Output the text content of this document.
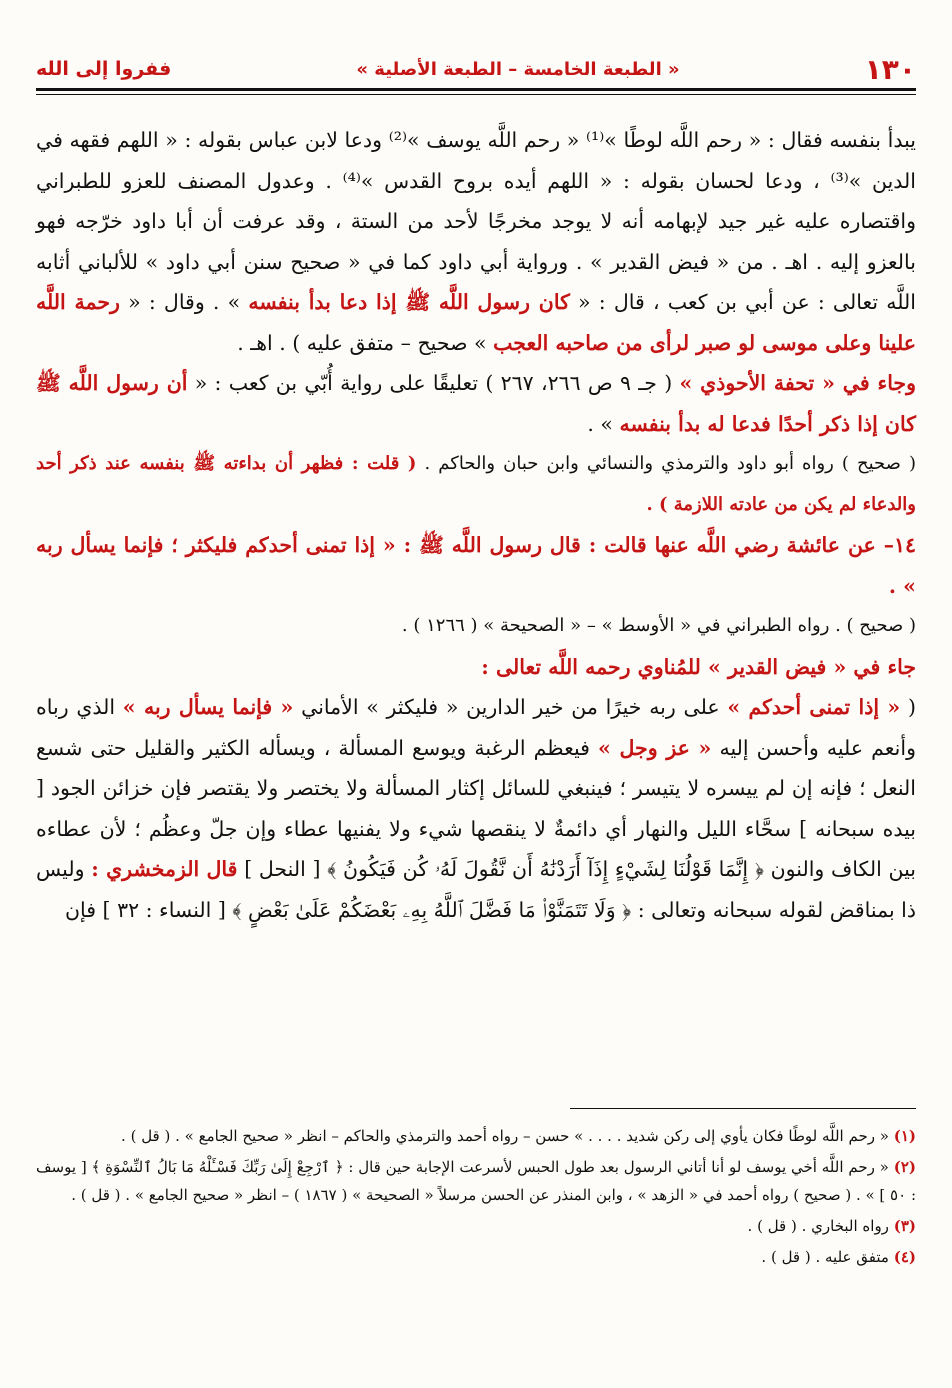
١٣٠
« الطبعة الخامسة – الطبعة الأصلية »
ففروا إلى الله

يبدأ بنفسه فقال : « رحم اللَّه لوطًا »⁽¹⁾ « رحم اللَّه يوسف »⁽²⁾ ودعا لابن عباس بقوله : « اللهم فقهه في الدين »⁽³⁾ ، ودعا لحسان بقوله : « اللهم أيده بروح القدس »⁽⁴⁾ . وعدول المصنف للعزو للطبراني واقتصاره عليه غير جيد لإبهامه أنه لا يوجد مخرجًا لأحد من الستة ، وقد عرفت أن أبا داود خرّجه فهو بالعزو إليه . اهـ . من « فيض القدير » . ورواية أبي داود كما في « صحيح سنن أبي داود » للألباني أثابه اللَّه تعالى : عن أبي بن كعب ، قال : « كان رسول اللَّه ﷺ إذا دعا بدأ بنفسه » . وقال : « رحمة اللَّه علينا وعلى موسى لو صبر لرأى من صاحبه العجب » صحيح – متفق عليه ) . اهـ .

وجاء في « تحفة الأحوذي » ( جـ ٩ ص ٢٦٦، ٢٦٧ ) تعليقًا على رواية أُبّي بن كعب : « أن رسول اللَّه ﷺ كان إذا ذكر أحدًا فدعا له بدأ بنفسه » .

( صحيح ) رواه أبو داود والترمذي والنسائي وابن حبان والحاكم . ( قلت : فظهر أن بداءته ﷺ بنفسه عند ذكر أحد والدعاء لم يكن من عادته اللازمة ) .

١٤– عن عائشة رضي اللَّه عنها قالت : قال رسول اللَّه ﷺ : « إذا تمنى أحدكم فليكثر ؛ فإنما يسأل ربه » .

( صحيح ) . رواه الطبراني في « الأوسط » – « الصحيحة » ( ١٢٦٦ ) .

جاء في « فيض القدير » للمُناوي رحمه اللَّه تعالى :

( « إذا تمنى أحدكم » على ربه خيرًا من خير الدارين « فليكثر » الأماني « فإنما يسأل ربه » الذي رباه وأنعم عليه وأحسن إليه « عز وجل » فيعظم الرغبة ويوسع المسألة ، ويسأله الكثير والقليل حتى شسع النعل ؛ فإنه إن لم ييسره لا يتيسر ؛ فينبغي للسائل إكثار المسألة ولا يختصر ولا يقتصر فإن خزائن الجود [ بيده سبحانه ] سحَّاء الليل والنهار أي دائمةٌ لا ينقصها شيء ولا يفنيها عطاء وإن جلّ وعظُم ؛ لأن عطاءه بين الكاف والنون ﴿ إِنَّمَا قَوْلُنَا لِشَيْءٍ إِذَآ أَرَدْنَٰهُ أَن نَّقُولَ لَهُۥ كُن فَيَكُونُ ﴾ [ النحل ] قال الزمخشري : وليس ذا بمناقض لقوله سبحانه وتعالى : ﴿ وَلَا تَتَمَنَّوْا۟ مَا فَضَّلَ ٱللَّهُ بِهِۦ بَعْضَكُمْ عَلَىٰ بَعْضٍ ﴾ [ النساء : ٣٢ ] فإن

(١) « رحم اللَّه لوطًا فكان يأوي إلى ركن شديد . . . . » حسن – رواه أحمد والترمذي والحاكم – انظر « صحيح الجامع » . ( قل ) .

(٢) « رحم اللَّه أخي يوسف لو أنا أتاني الرسول بعد طول الحبس لأسرعت الإجابة حين قال : ﴿ ٱرْجِعْ إِلَىٰ رَبِّكَ فَسْـَٔلْهُ مَا بَالُ ٱلنِّسْوَةِ ﴾ [ يوسف : ٥٠ ] » . ( صحيح ) رواه أحمد في « الزهد » ، وابن المنذر عن الحسن مرسلاً « الصحيحة » ( ١٨٦٧ ) – انظر « صحيح الجامع » . ( قل ) .

(٣) رواه البخاري . ( قل ) .

(٤) متفق عليه . ( قل ) .
